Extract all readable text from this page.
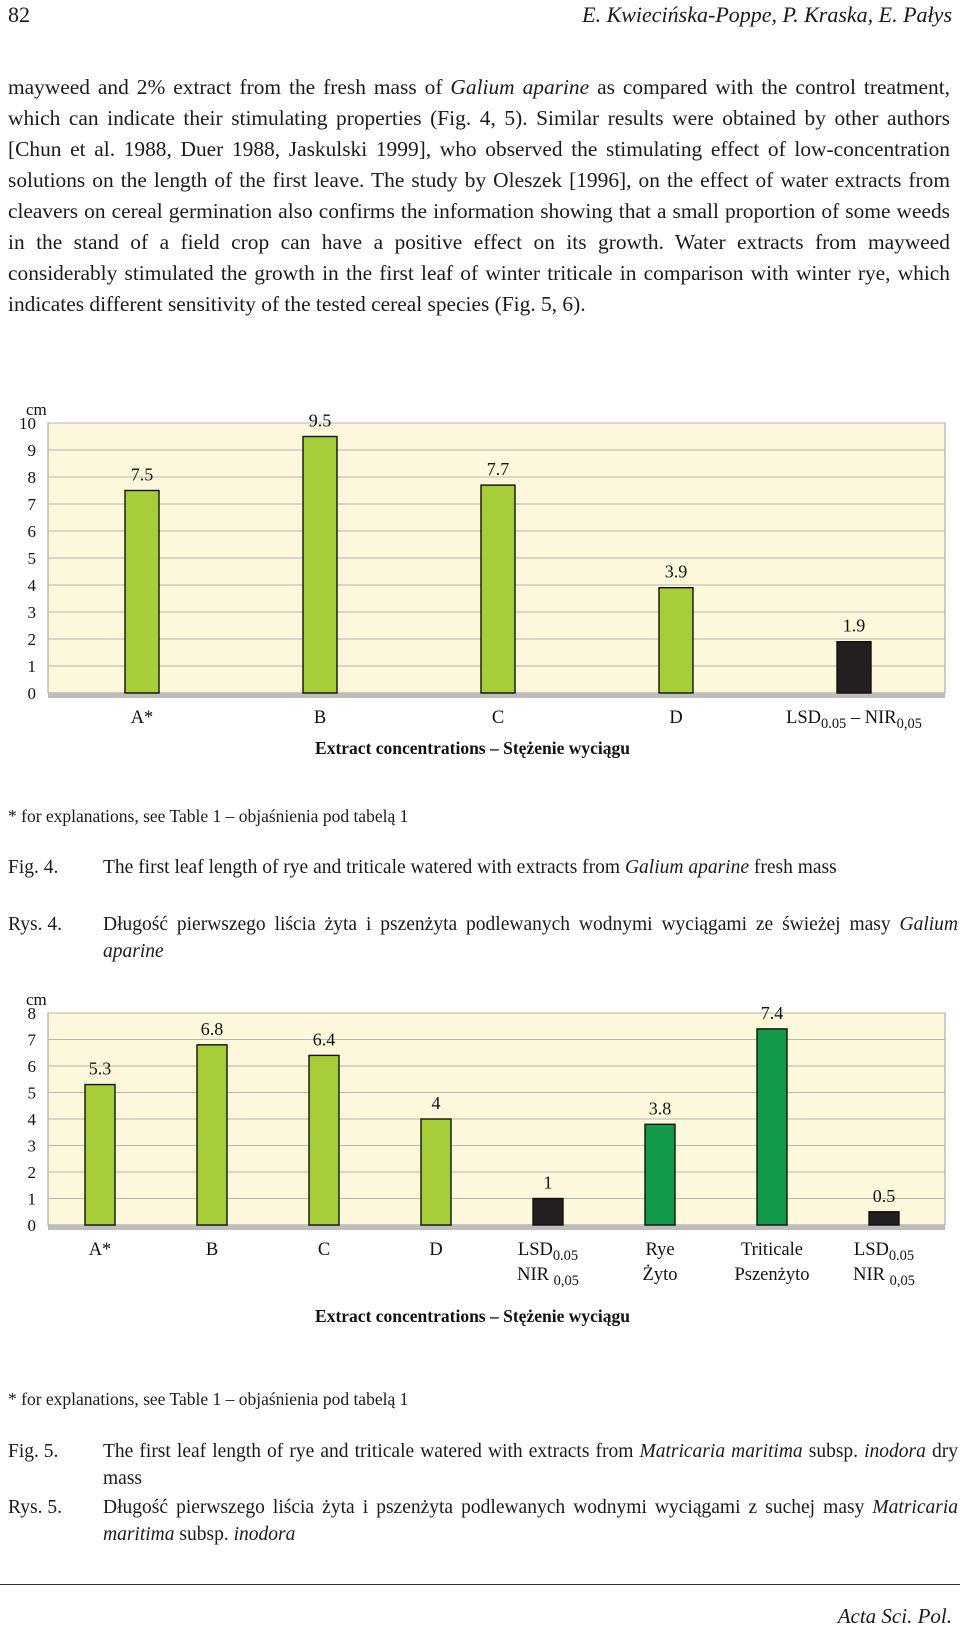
82	E. Kwiecińska-Poppe, P. Kraska, E. Pałys

mayweed and 2% extract from the fresh mass of Galium aparine as compared with the control treatment, which can indicate their stimulating properties (Fig. 4, 5). Similar results were obtained by other authors [Chun et al. 1988, Duer 1988, Jaskulski 1999], who observed the stimulating effect of low-concentration solutions on the length of the first leave. The study by Oleszek [1996], on the effect of water extracts from cleavers on cereal germination also confirms the information showing that a small proportion of some weeds in the stand of a field crop can have a positive effect on its growth. Water extracts from mayweed considerably stimulated the growth in the first leaf of winter triticale in comparison with winter rye, which indicates different sensitivity of the tested cereal species (Fig. 5, 6).

0
1
2
3
4
5
6
7
8
9
10
cm
7.5
A*
9.5
B
7.7
C
3.9
D
1.9
$LSD_{0.05} - NIR_{0,05}$
Extract concentrations – Stężenie wyciągu
* for explanations, see Table 1 – objaśnienia pod tabelą 1
Fig. 4. The first leaf length of rye and triticale watered with extracts from Galium aparine fresh mass
Rys. 4. Długość pierwszego liścia żyta i pszenżyta podlewanych wodnymi wyciągami ze świeżej masy Galium aparine
0
1
2
3
4
5
6
7
8
cm
5.3
A*
6.8
B
6.4
C
4
D
1
$LSD_{0.05}$
NIR $_{0,05}$
3.8
Rye
Żyto
7.4
Triticale
Pszenżyto
0.5
$LSD_{0.05}$
NIR $_{0,05}$
Extract concentrations – Stężenie wyciągu
* for explanations, see Table 1 – objaśnienia pod tabelą 1
Fig. 5. The first leaf length of rye and triticale watered with extracts from Matricaria maritima subsp. inodora dry mass
Rys. 5. Długość pierwszego liścia żyta i pszenżyta podlewanych wodnymi wyciągami z suchej masy Matricaria maritima subsp. inodora
Acta Sci. Pol.
